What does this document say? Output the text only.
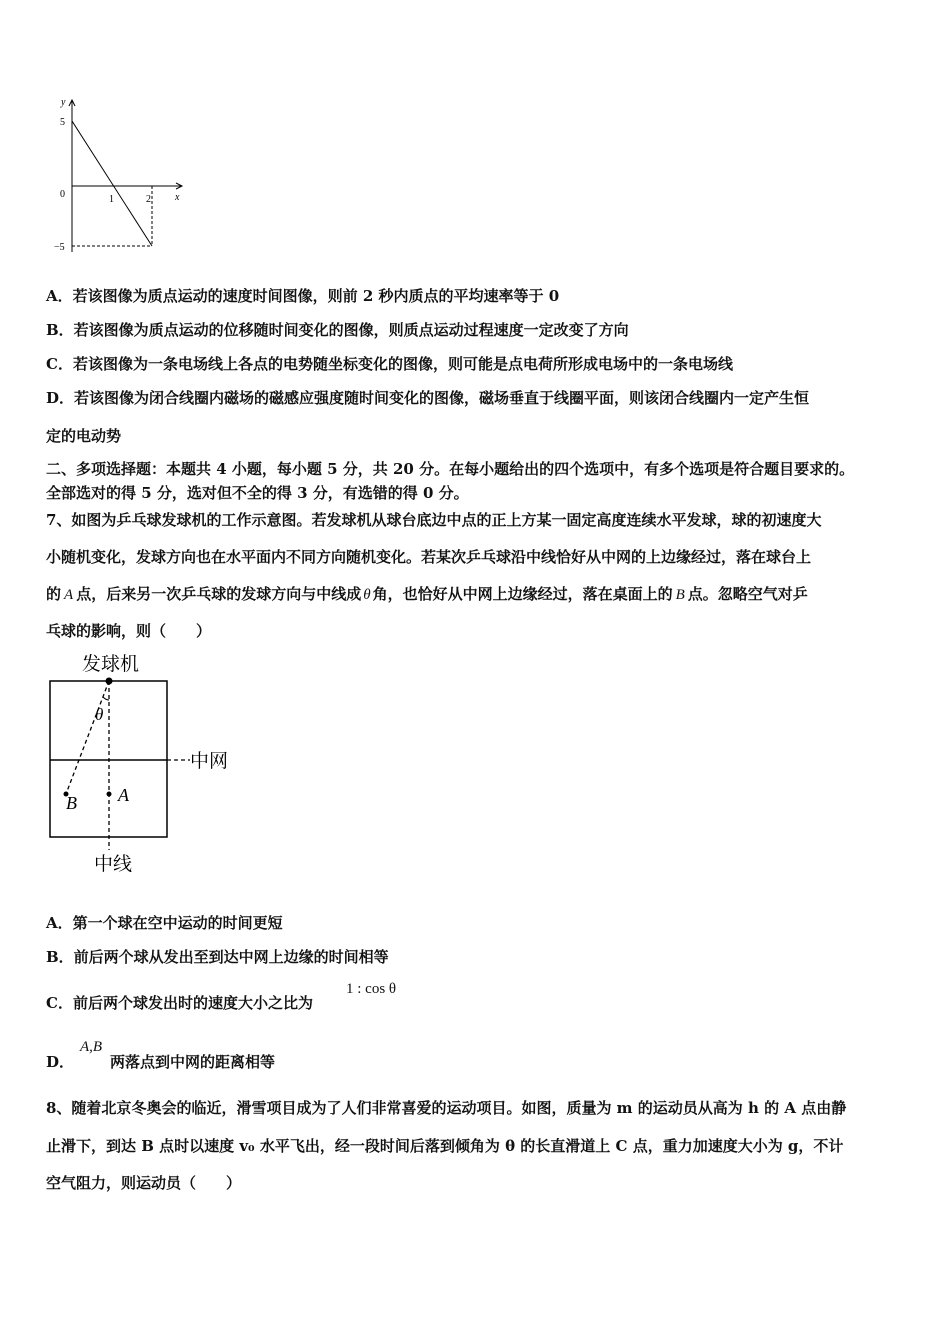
y
x
5
0
−5
1	2
A．若该图像为质点运动的速度时间图像，则前 2 秒内质点的平均速率等于 0
B．若该图像为质点运动的位移随时间变化的图像，则质点运动过程速度一定改变了方向
C．若该图像为一条电场线上各点的电势随坐标变化的图像，则可能是点电荷所形成电场中的一条电场线
D．若该图像为闭合线圈内磁场的磁感应强度随时间变化的图像，磁场垂直于线圈平面，则该闭合线圈内一定产生恒
定的电动势
二、多项选择题：本题共 4 小题，每小题 5 分，共 20 分。在每小题给出的四个选项中，有多个选项是符合题目要求的。
全部选对的得 5 分，选对但不全的得 3 分，有选错的得 0 分。
7、如图为乒乓球发球机的工作示意图。若发球机从球台底边中点的正上方某一固定高度连续水平发球，球的初速度大
小随机变化，发球方向也在水平面内不同方向随机变化。若某次乒乓球沿中线恰好从中网的上边缘经过，落在球台上
的 A 点，后来另一次乒乓球的发球方向与中线成 θ 角，也恰好从中网上边缘经过，落在桌面上的 B 点。忽略空气对乒
乓球的影响，则（　　）
发球机
中网
θ
A
B
中线
A．第一个球在空中运动的时间更短
B．前后两个球从发出至到达中网上边缘的时间相等
C．前后两个球发出时的速度大小之比为
1 : cos θ
D．
A,B
两落点到中网的距离相等
8、随着北京冬奥会的临近，滑雪项目成为了人们非常喜爱的运动项目。如图，质量为 m 的运动员从高为 h 的 A 点由静
止滑下，到达 B 点时以速度 v₀ 水平飞出，经一段时间后落到倾角为 θ 的长直滑道上 C 点，重力加速度大小为 g，不计
空气阻力，则运动员（　　）
